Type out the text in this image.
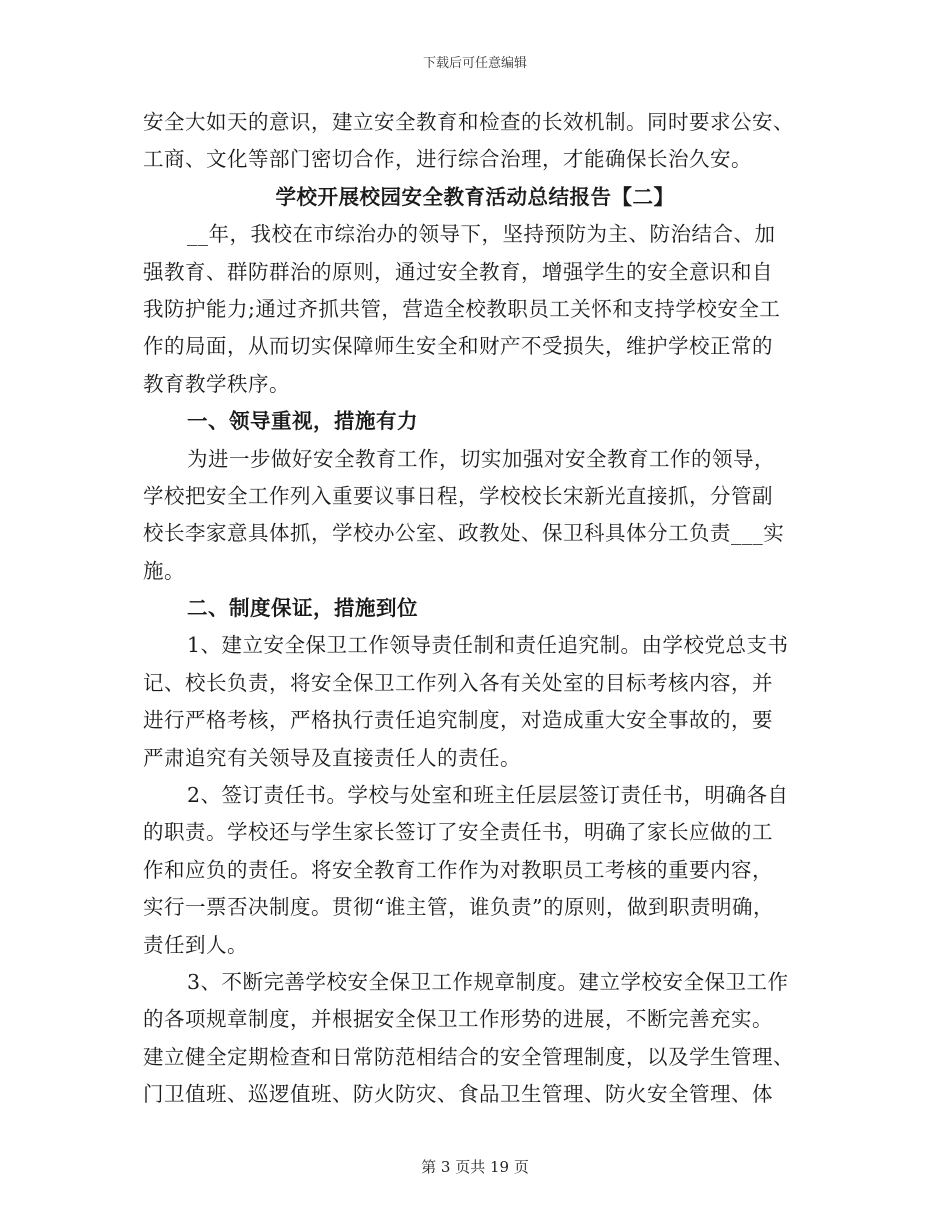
下载后可任意编辑
安全大如天的意识，建立安全教育和检查的长效机制。同时要求公安、
工商、文化等部门密切合作，进行综合治理，才能确保长治久安。
学校开展校园安全教育活动总结报告【二】
__年，我校在市综治办的领导下，坚持预防为主、防治结合、加
强教育、群防群治的原则，通过安全教育，增强学生的安全意识和自
我防护能力;通过齐抓共管，营造全校教职员工关怀和支持学校安全工
作的局面，从而切实保障师生安全和财产不受损失，维护学校正常的
教育教学秩序。
一、领导重视，措施有力
为进一步做好安全教育工作，切实加强对安全教育工作的领导，
学校把安全工作列入重要议事日程，学校校长宋新光直接抓，分管副
校长李家意具体抓，学校办公室、政教处、保卫科具体分工负责___实
施。
二、制度保证，措施到位
1、建立安全保卫工作领导责任制和责任追究制。由学校党总支书
记、校长负责，将安全保卫工作列入各有关处室的目标考核内容，并
进行严格考核，严格执行责任追究制度，对造成重大安全事故的，要
严肃追究有关领导及直接责任人的责任。
2、签订责任书。学校与处室和班主任层层签订责任书，明确各自
的职责。学校还与学生家长签订了安全责任书，明确了家长应做的工
作和应负的责任。将安全教育工作作为对教职员工考核的重要内容，
实行一票否决制度。贯彻“谁主管，谁负责”的原则，做到职责明确，
责任到人。
3、不断完善学校安全保卫工作规章制度。建立学校安全保卫工作
的各项规章制度，并根据安全保卫工作形势的进展，不断完善充实。
建立健全定期检查和日常防范相结合的安全管理制度，以及学生管理、
门卫值班、巡逻值班、防火防灾、食品卫生管理、防火安全管理、体
第 3 页共 19 页
